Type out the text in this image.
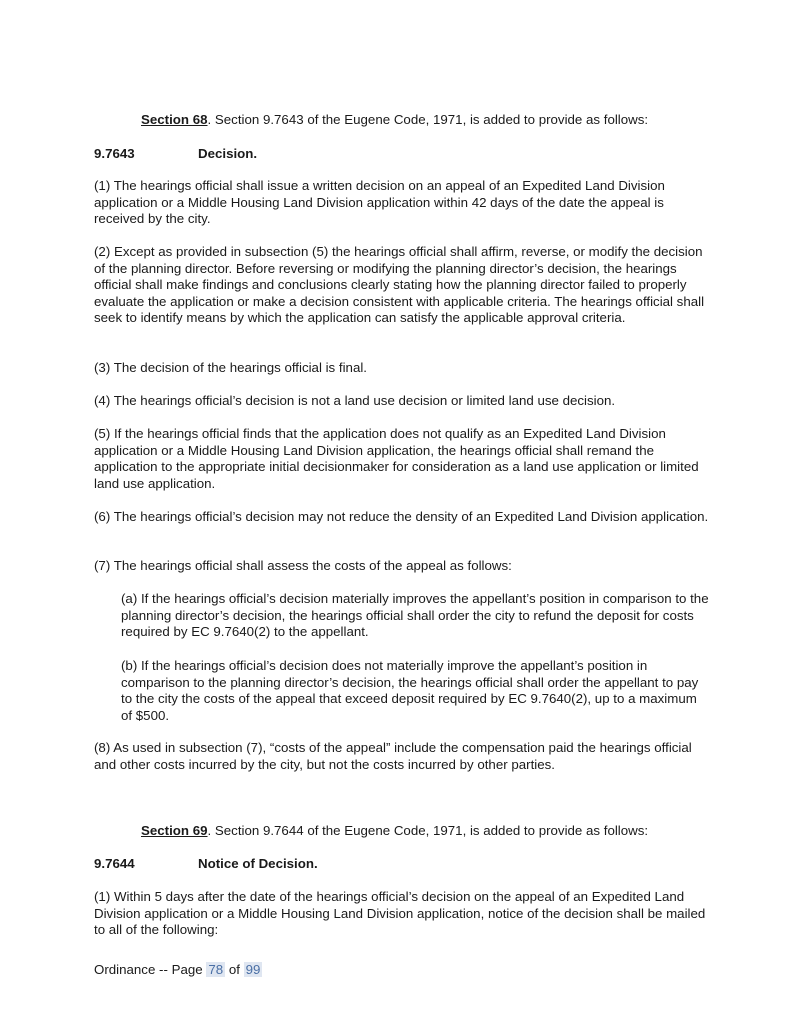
Section 68. Section 9.7643 of the Eugene Code, 1971, is added to provide as follows:

9.7643	Decision.

(1) The hearings official shall issue a written decision on an appeal of an Expedited Land Division application or a Middle Housing Land Division application within 42 days of the date the appeal is received by the city.

(2) Except as provided in subsection (5) the hearings official shall affirm, reverse, or modify the decision of the planning director. Before reversing or modifying the planning director’s decision, the hearings official shall make findings and conclusions clearly stating how the planning director failed to properly evaluate the application or make a decision consistent with applicable criteria. The hearings official shall seek to identify means by which the application can satisfy the applicable approval criteria.

(3) The decision of the hearings official is final.

(4) The hearings official’s decision is not a land use decision or limited land use decision.

(5) If the hearings official finds that the application does not qualify as an Expedited Land Division application or a Middle Housing Land Division application, the hearings official shall remand the application to the appropriate initial decisionmaker for consideration as a land use application or limited land use application.

(6) The hearings official’s decision may not reduce the density of an Expedited Land Division application.

(7) The hearings official shall assess the costs of the appeal as follows:

(a) If the hearings official’s decision materially improves the appellant’s position in comparison to the planning director’s decision, the hearings official shall order the city to refund the deposit for costs required by EC 9.7640(2) to the appellant.

(b) If the hearings official’s decision does not materially improve the appellant’s position in comparison to the planning director’s decision, the hearings official shall order the appellant to pay to the city the costs of the appeal that exceed deposit required by EC 9.7640(2), up to a maximum of $500.

(8) As used in subsection (7), “costs of the appeal” include the compensation paid the hearings official and other costs incurred by the city, but not the costs incurred by other parties.

Section 69. Section 9.7644 of the Eugene Code, 1971, is added to provide as follows:

9.7644	Notice of Decision.

(1) Within 5 days after the date of the hearings official’s decision on the appeal of an Expedited Land Division application or a Middle Housing Land Division application, notice of the decision shall be mailed to all of the following:

Ordinance -- Page 78 of 99
